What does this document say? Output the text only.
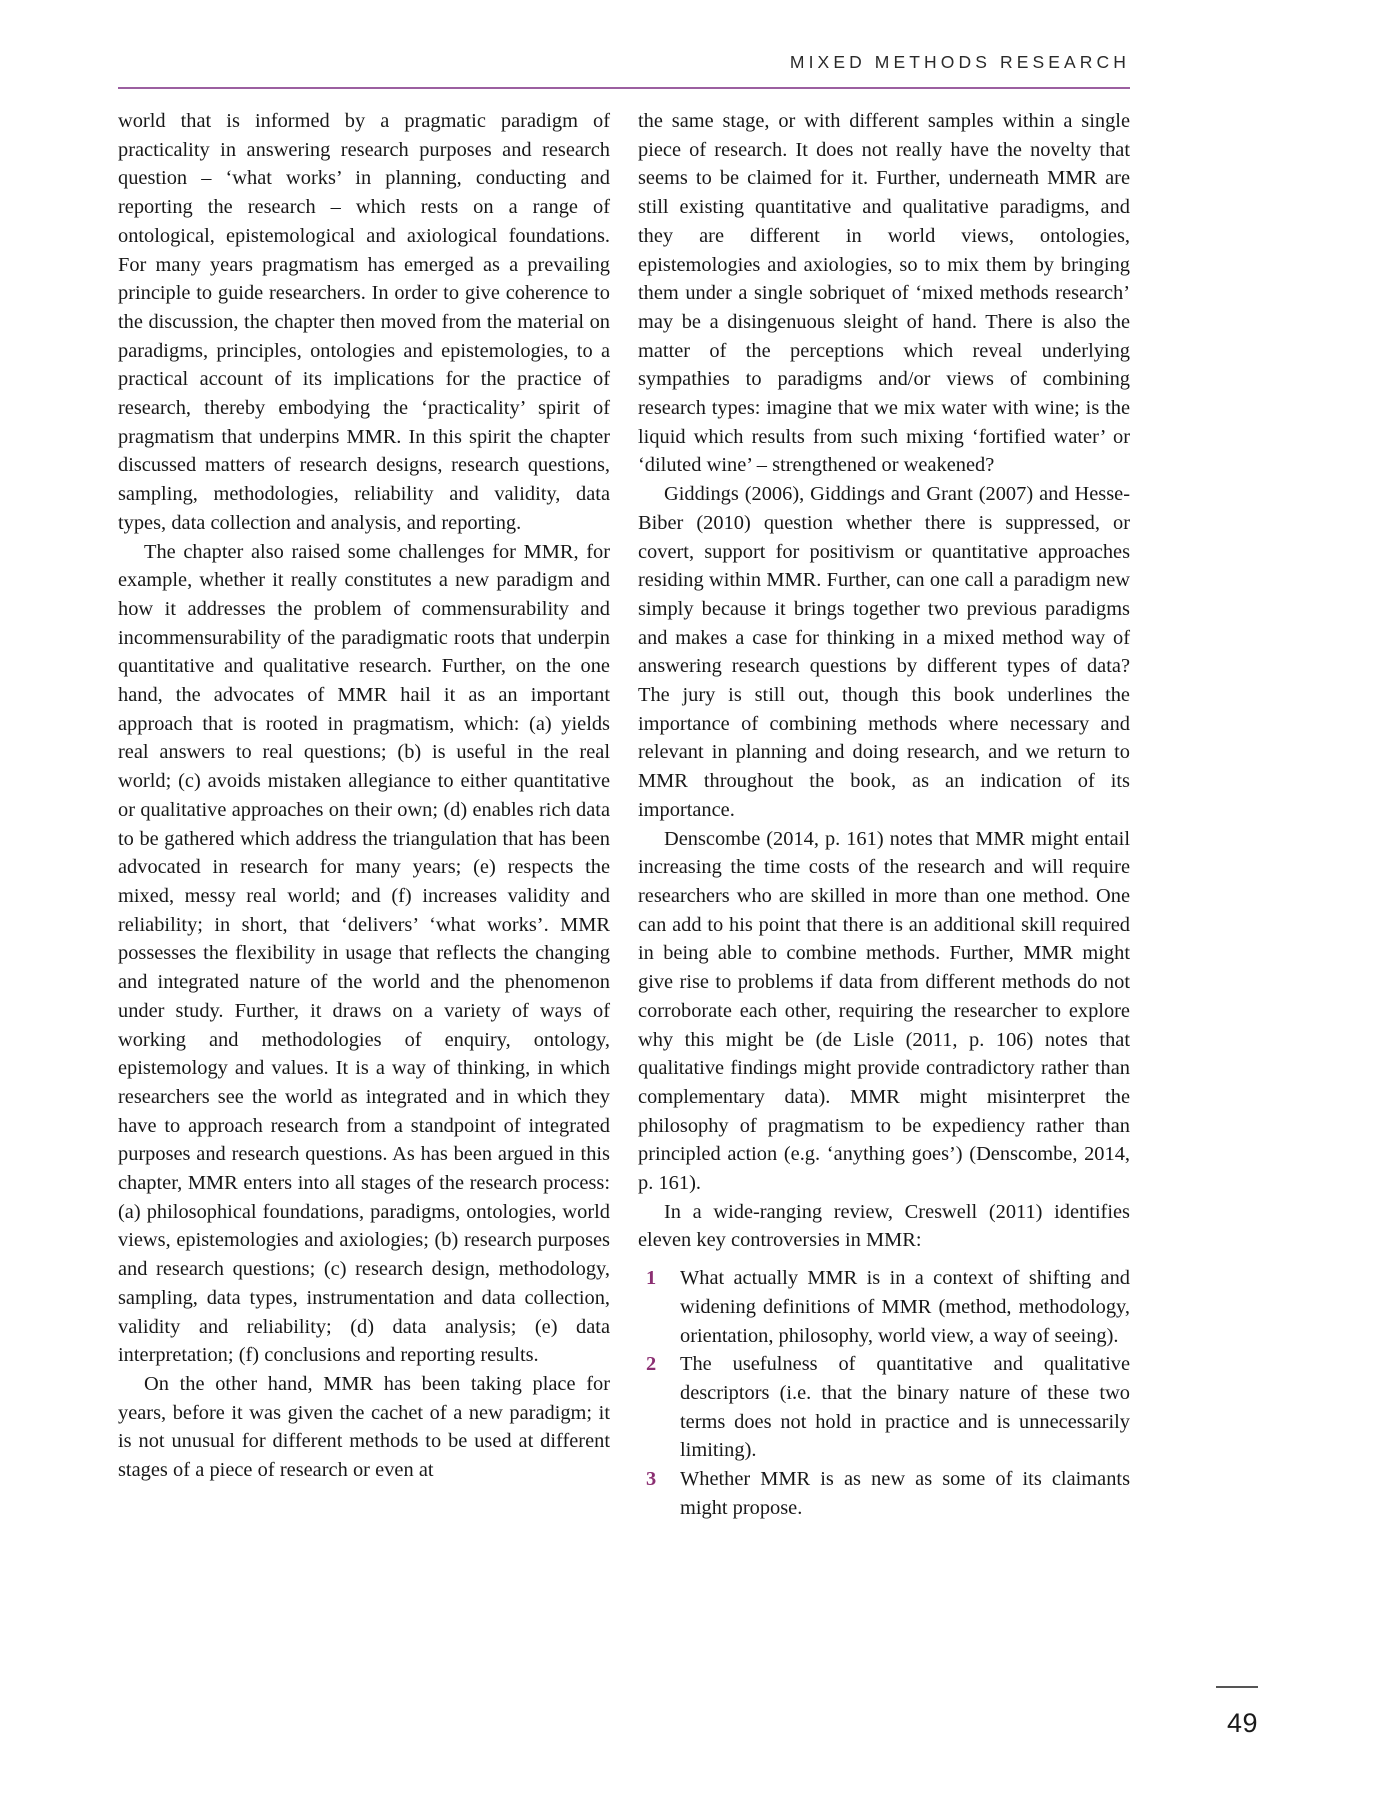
MIXED METHODS RESEARCH

world that is informed by a pragmatic paradigm of practicality in answering research purposes and research question – ‘what works’ in planning, conducting and reporting the research – which rests on a range of ontological, epistemological and axiological foundations. For many years pragmatism has emerged as a prevailing principle to guide researchers. In order to give coherence to the discussion, the chapter then moved from the material on paradigms, principles, ontologies and epistemologies, to a practical account of its implications for the practice of research, thereby embodying the ‘practicality’ spirit of pragmatism that underpins MMR. In this spirit the chapter discussed matters of research designs, research questions, sampling, methodologies, reliability and validity, data types, data collection and analysis, and reporting.

The chapter also raised some challenges for MMR, for example, whether it really constitutes a new paradigm and how it addresses the problem of commensurability and incommensurability of the paradigmatic roots that underpin quantitative and qualitative research. Further, on the one hand, the advocates of MMR hail it as an important approach that is rooted in pragmatism, which: (a) yields real answers to real questions; (b) is useful in the real world; (c) avoids mistaken allegiance to either quantitative or qualitative approaches on their own; (d) enables rich data to be gathered which address the triangulation that has been advocated in research for many years; (e) respects the mixed, messy real world; and (f) increases validity and reliability; in short, that ‘delivers’ ‘what works’. MMR possesses the flexibility in usage that reflects the changing and integrated nature of the world and the phenomenon under study. Further, it draws on a variety of ways of working and methodologies of enquiry, ontology, epistemology and values. It is a way of thinking, in which researchers see the world as integrated and in which they have to approach research from a standpoint of integrated purposes and research questions. As has been argued in this chapter, MMR enters into all stages of the research process: (a) philosophical foundations, paradigms, ontologies, world views, epistemologies and axiologies; (b) research purposes and research questions; (c) research design, methodology, sampling, data types, instrumentation and data collection, validity and reliability; (d) data analysis; (e) data interpretation; (f) conclusions and reporting results.

On the other hand, MMR has been taking place for years, before it was given the cachet of a new paradigm; it is not unusual for different methods to be used at different stages of a piece of research or even at

the same stage, or with different samples within a single piece of research. It does not really have the novelty that seems to be claimed for it. Further, underneath MMR are still existing quantitative and qualitative paradigms, and they are different in world views, ontologies, epistemologies and axiologies, so to mix them by bringing them under a single sobriquet of ‘mixed methods research’ may be a disingenuous sleight of hand. There is also the matter of the perceptions which reveal underlying sympathies to paradigms and/or views of combining research types: imagine that we mix water with wine; is the liquid which results from such mixing ‘fortified water’ or ‘diluted wine’ – strengthened or weakened?

Giddings (2006), Giddings and Grant (2007) and Hesse-Biber (2010) question whether there is suppressed, or covert, support for positivism or quantitative approaches residing within MMR. Further, can one call a paradigm new simply because it brings together two previous paradigms and makes a case for thinking in a mixed method way of answering research questions by different types of data? The jury is still out, though this book underlines the importance of combining methods where necessary and relevant in planning and doing research, and we return to MMR throughout the book, as an indication of its importance.

Denscombe (2014, p. 161) notes that MMR might entail increasing the time costs of the research and will require researchers who are skilled in more than one method. One can add to his point that there is an additional skill required in being able to combine methods. Further, MMR might give rise to problems if data from different methods do not corroborate each other, requiring the researcher to explore why this might be (de Lisle (2011, p. 106) notes that qualitative findings might provide contradictory rather than complementary data). MMR might misinterpret the philosophy of pragmatism to be expediency rather than principled action (e.g. ‘anything goes’) (Denscombe, 2014, p. 161).

In a wide-ranging review, Creswell (2011) identifies eleven key controversies in MMR:

1	What actually MMR is in a context of shifting and widening definitions of MMR (method, methodology, orientation, philosophy, world view, a way of seeing).
2	The usefulness of quantitative and qualitative descriptors (i.e. that the binary nature of these two terms does not hold in practice and is unnecessarily limiting).
3	Whether MMR is as new as some of its claimants might propose.
49
